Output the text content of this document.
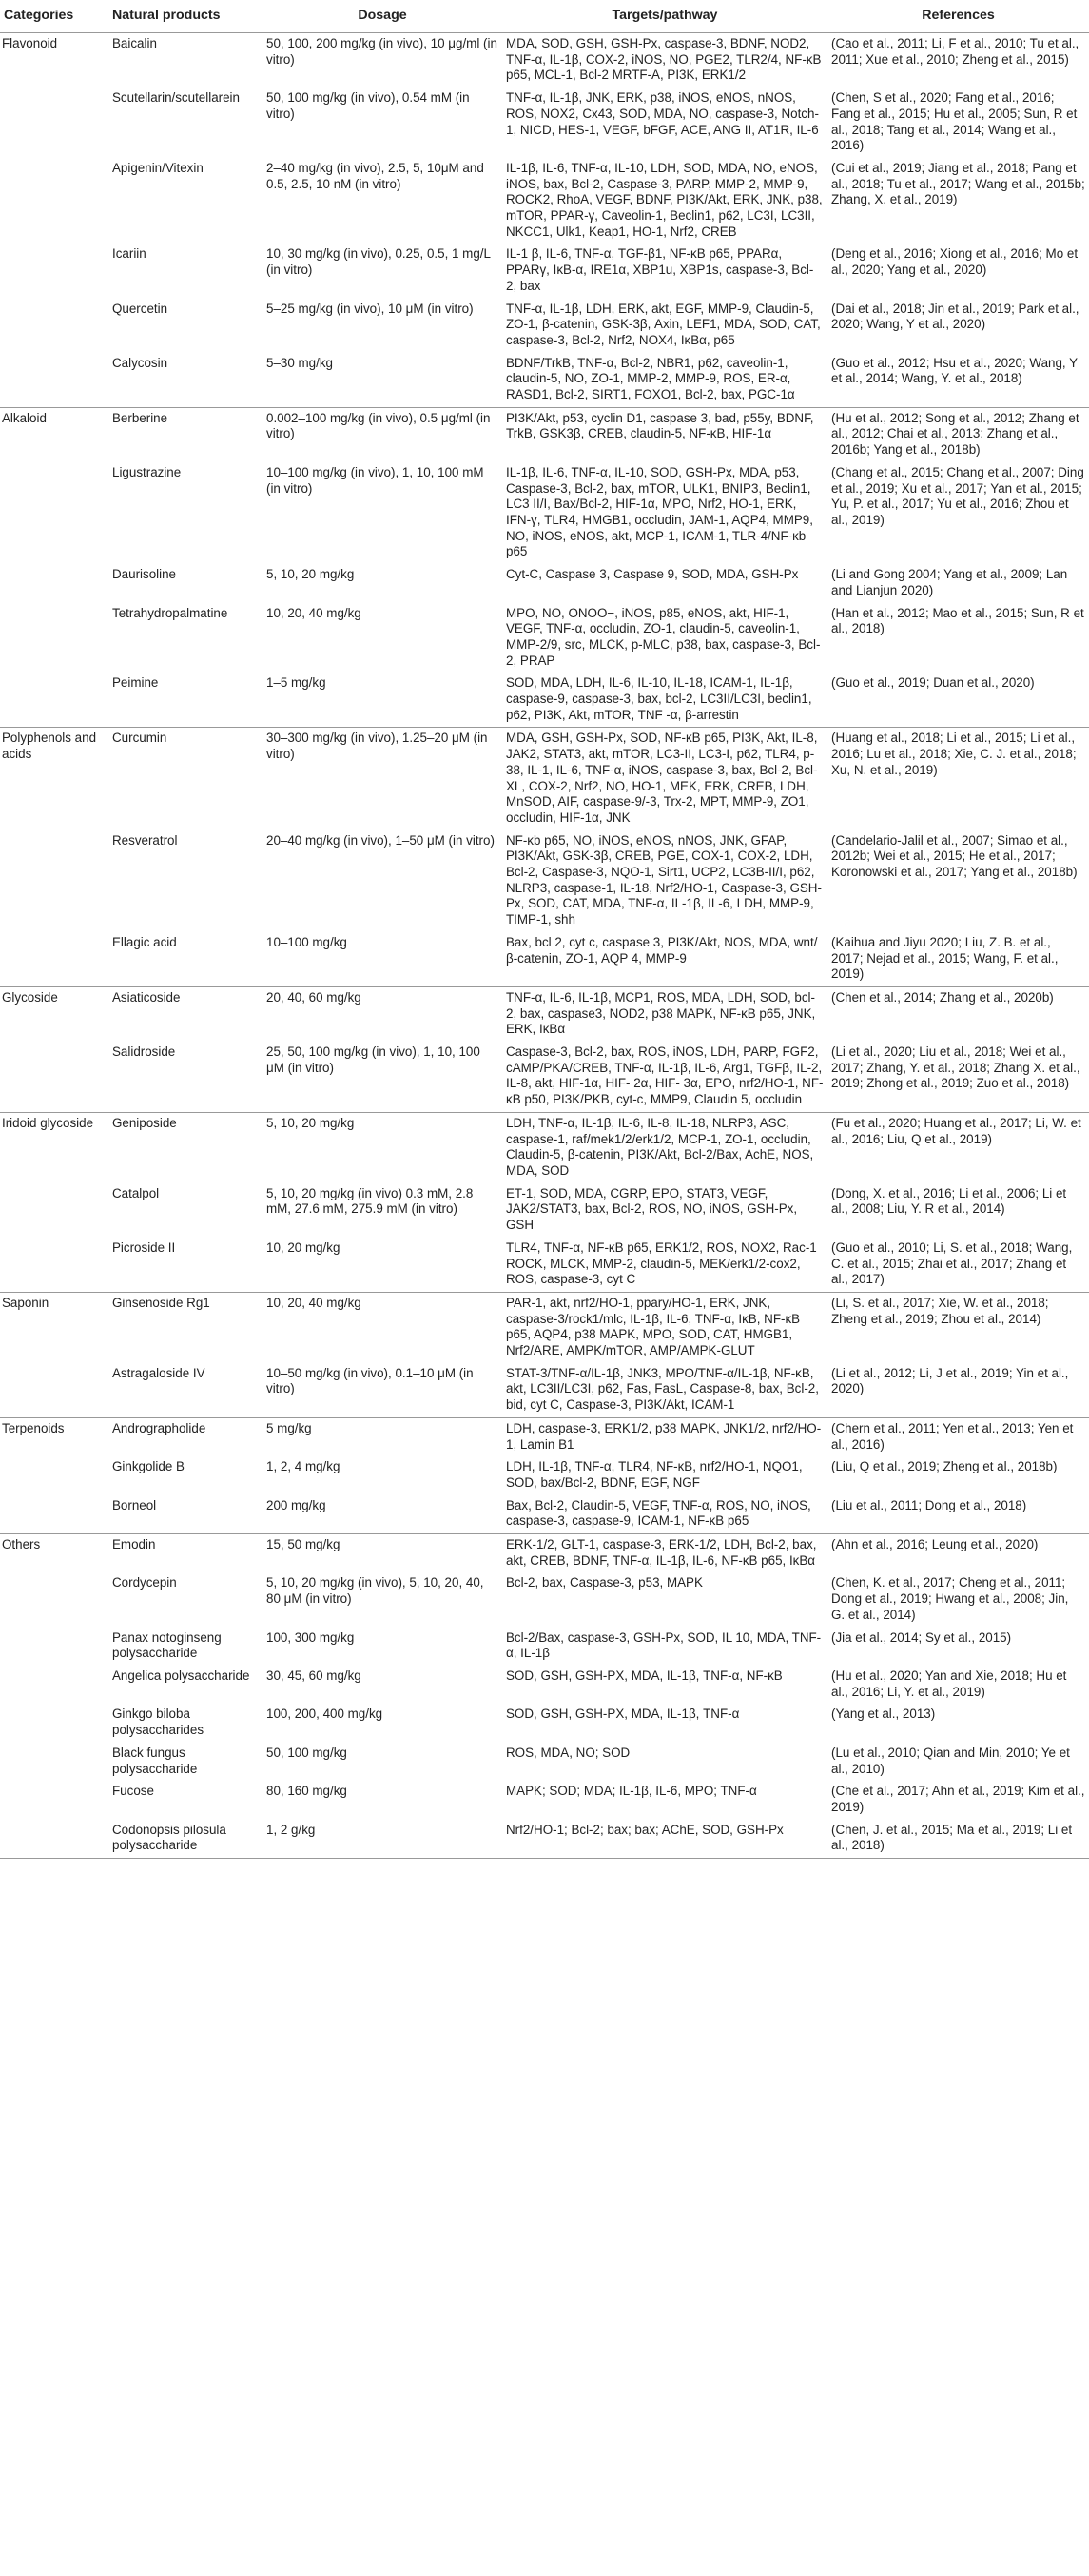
Categories	Natural products	Dosage	Targets/pathway	References
Flavonoid	Baicalin	50, 100, 200 mg/kg (in vivo), 10 μg/ml (in vitro)	MDA, SOD, GSH, GSH-Px, caspase-3, BDNF, NOD2, TNF-α, IL-1β, COX-2, iNOS, NO, PGE2, TLR2/4, NF-κB p65, MCL-1, Bcl-2 MRTF-A, PI3K, ERK1/2	(Cao et al., 2011; Li, F et al., 2010; Tu et al., 2011; Xue et al., 2010; Zheng et al., 2015)
	Scutellarin/scutellarein	50, 100 mg/kg (in vivo), 0.54 mM (in vitro)	TNF-α, IL-1β, JNK, ERK, p38, iNOS, eNOS, nNOS, ROS, NOX2, Cx43, SOD, MDA, NO, caspase-3, Notch-1, NICD, HES-1, VEGF, bFGF, ACE, ANG II, AT1R, IL-6	(Chen, S et al., 2020; Fang et al., 2016; Fang et al., 2015; Hu et al., 2005; Sun, R et al., 2018; Tang et al., 2014; Wang et al., 2016)
	Apigenin/Vitexin	2–40 mg/kg (in vivo), 2.5, 5, 10μM and 0.5, 2.5, 10 nM (in vitro)	IL-1β, IL-6, TNF-α, IL-10, LDH, SOD, MDA, NO, eNOS, iNOS, bax, Bcl-2, Caspase-3, PARP, MMP-2, MMP-9, ROCK2, RhoA, VEGF, BDNF, PI3K/Akt, ERK, JNK, p38, mTOR, PPAR-γ, Caveolin-1, Beclin1, p62, LC3I, LC3II, NKCC1, Ulk1, Keap1, HO-1, Nrf2, CREB	(Cui et al., 2019; Jiang et al., 2018; Pang et al., 2018; Tu et al., 2017; Wang et al., 2015b; Zhang, X. et al., 2019)
	Icariin	10, 30 mg/kg (in vivo), 0.25, 0.5, 1 mg/L (in vitro)	IL-1 β, IL-6, TNF-α, TGF-β1, NF-κB p65, PPARα, PPARγ, IκB-α, IRE1α, XBP1u, XBP1s, caspase-3, Bcl-2, bax	(Deng et al., 2016; Xiong et al., 2016; Mo et al., 2020; Yang et al., 2020)
	Quercetin	5–25 mg/kg (in vivo), 10 μM (in vitro)	TNF-α, IL-1β, LDH, ERK, akt, EGF, MMP-9, Claudin-5, ZO-1, β-catenin, GSK-3β, Axin, LEF1, MDA, SOD, CAT, caspase-3, Bcl-2, Nrf2, NOX4, IκBα, p65	(Dai et al., 2018; Jin et al., 2019; Park et al., 2020; Wang, Y et al., 2020)
	Calycosin	5–30 mg/kg	BDNF/TrkB, TNF-α, Bcl-2, NBR1, p62, caveolin-1, claudin-5, NO, ZO-1, MMP-2, MMP-9, ROS, ER-α, RASD1, Bcl-2, SIRT1, FOXO1, Bcl-2, bax, PGC-1α	(Guo et al., 2012; Hsu et al., 2020; Wang, Y et al., 2014; Wang, Y. et al., 2018)
Alkaloid	Berberine	0.002–100 mg/kg (in vivo), 0.5 μg/ml (in vitro)	PI3K/Akt, p53, cyclin D1, caspase 3, bad, p55y, BDNF, TrkB, GSK3β, CREB, claudin-5, NF-κB, HIF-1α	(Hu et al., 2012; Song et al., 2012; Zhang et al., 2012; Chai et al., 2013; Zhang et al., 2016b; Yang et al., 2018b)
	Ligustrazine	10–100 mg/kg (in vivo), 1, 10, 100 mM (in vitro)	IL-1β, IL-6, TNF-α, IL-10, SOD, GSH-Px, MDA, p53, Caspase-3, Bcl-2, bax, mTOR, ULK1, BNIP3, Beclin1, LC3 II/I, Bax/Bcl-2, HIF-1α, MPO, Nrf2, HO-1, ERK, IFN-γ, TLR4, HMGB1, occludin, JAM-1, AQP4, MMP9, NO, iNOS, eNOS, akt, MCP-1, ICAM-1, TLR-4/NF-κb p65	(Chang et al., 2015; Chang et al., 2007; Ding et al., 2019; Xu et al., 2017; Yan et al., 2015; Yu, P. et al., 2017; Yu et al., 2016; Zhou et al., 2019)
	Daurisoline	5, 10, 20 mg/kg	Cyt-C, Caspase 3, Caspase 9, SOD, MDA, GSH-Px	(Li and Gong 2004; Yang et al., 2009; Lan and Lianjun 2020)
	Tetrahydropalmatine	10, 20, 40 mg/kg	MPO, NO, ONOO−, iNOS, p85, eNOS, akt, HIF-1, VEGF, TNF-α, occludin, ZO-1, claudin-5, caveolin-1, MMP-2/9, src, MLCK, p-MLC, p38, bax, caspase-3, Bcl-2, PRAP	(Han et al., 2012; Mao et al., 2015; Sun, R et al., 2018)
	Peimine	1–5 mg/kg	SOD, MDA, LDH, IL-6, IL-10, IL-18, ICAM-1, IL-1β, caspase-9, caspase-3, bax, bcl-2, LC3II/LC3I, beclin1, p62, PI3K, Akt, mTOR, TNF -α, β-arrestin	(Guo et al., 2019; Duan et al., 2020)
Polyphenols and acids	Curcumin	30–300 mg/kg (in vivo), 1.25–20 μM (in vitro)	MDA, GSH, GSH-Px, SOD, NF-κB p65, PI3K, Akt, IL-8, JAK2, STAT3, akt, mTOR, LC3-II, LC3-I, p62, TLR4, p-38, IL-1, IL-6, TNF-α, iNOS, caspase-3, bax, Bcl-2, Bcl-XL, COX-2, Nrf2, NO, HO-1, MEK, ERK, CREB, LDH, MnSOD, AIF, caspase-9/-3, Trx-2, MPT, MMP-9, ZO1, occludin, HIF-1α, JNK	(Huang et al., 2018; Li et al., 2015; Li et al., 2016; Lu et al., 2018; Xie, C. J. et al., 2018; Xu, N. et al., 2019)
	Resveratrol	20–40 mg/kg (in vivo), 1–50 μM (in vitro)	NF-κb p65, NO, iNOS, eNOS, nNOS, JNK, GFAP, PI3K/Akt, GSK-3β, CREB, PGE, COX-1, COX-2, LDH, Bcl-2, Caspase-3, NQO-1, Sirt1, UCP2, LC3B-II/I, p62, NLRP3, caspase-1, IL-18, Nrf2/HO-1, Caspase-3, GSH-Px, SOD, CAT, MDA, TNF-α, IL-1β, IL-6, LDH, MMP-9, TIMP-1, shh	(Candelario-Jalil et al., 2007; Simao et al., 2012b; Wei et al., 2015; He et al., 2017; Koronowski et al., 2017; Yang et al., 2018b)
	Ellagic acid	10–100 mg/kg	Bax, bcl 2, cyt c, caspase 3, PI3K/Akt, NOS, MDA, wnt/β-catenin, ZO-1, AQP 4, MMP-9	(Kaihua and Jiyu 2020; Liu, Z. B. et al., 2017; Nejad et al., 2015; Wang, F. et al., 2019)
Glycoside	Asiaticoside	20, 40, 60 mg/kg	TNF-α, IL-6, IL-1β, MCP1, ROS, MDA, LDH, SOD, bcl-2, bax, caspase3, NOD2, p38 MAPK, NF-κB p65, JNK, ERK, IκBα	(Chen et al., 2014; Zhang et al., 2020b)
	Salidroside	25, 50, 100 mg/kg (in vivo), 1, 10, 100 μM (in vitro)	Caspase-3, Bcl-2, bax, ROS, iNOS, LDH, PARP, FGF2, cAMP/PKA/CREB, TNF-α, IL-1β, IL-6, Arg1, TGFβ, IL-2, IL-8, akt, HIF-1α, HIF- 2α, HIF- 3α, EPO, nrf2/HO-1, NF-κB p50, PI3K/PKB, cyt-c, MMP9, Claudin 5, occludin	(Li et al., 2020; Liu et al., 2018; Wei et al., 2017; Zhang, Y. et al., 2018; Zhang X. et al., 2019; Zhong et al., 2019; Zuo et al., 2018)
Iridoid glycoside	Geniposide	5, 10, 20 mg/kg	LDH, TNF-α, IL-1β, IL-6, IL-8, IL-18, NLRP3, ASC, caspase-1, raf/mek1/2/erk1/2, MCP-1, ZO-1, occludin, Claudin-5, β-catenin, PI3K/Akt, Bcl-2/Bax, AchE, NOS, MDA, SOD	(Fu et al., 2020; Huang et al., 2017; Li, W. et al., 2016; Liu, Q et al., 2019)
	Catalpol	5, 10, 20 mg/kg (in vivo) 0.3 mM, 2.8 mM, 27.6 mM, 275.9 mM (in vitro)	ET-1, SOD, MDA, CGRP, EPO, STAT3, VEGF, JAK2/STAT3, bax, Bcl-2, ROS, NO, iNOS, GSH-Px, GSH	(Dong, X. et al., 2016; Li et al., 2006; Li et al., 2008; Liu, Y. R et al., 2014)
	Picroside II	10, 20 mg/kg	TLR4, TNF-α, NF-κB p65, ERK1/2, ROS, NOX2, Rac-1 ROCK, MLCK, MMP-2, claudin-5, MEK/erk1/2-cox2, ROS, caspase-3, cyt C	(Guo et al., 2010; Li, S. et al., 2018; Wang, C. et al., 2015; Zhai et al., 2017; Zhang et al., 2017)
Saponin	Ginsenoside Rg1	10, 20, 40 mg/kg	PAR-1, akt, nrf2/HO-1, ppary/HO-1, ERK, JNK, caspase-3/rock1/mlc, IL-1β, IL-6, TNF-α, IκB, NF-κB p65, AQP4, p38 MAPK, MPO, SOD, CAT, HMGB1, Nrf2/ARE, AMPK/mTOR, AMP/AMPK-GLUT	(Li, S. et al., 2017; Xie, W. et al., 2018; Zheng et al., 2019; Zhou et al., 2014)
	Astragaloside IV	10–50 mg/kg (in vivo), 0.1–10 μM (in vitro)	STAT-3/TNF-α/IL-1β, JNK3, MPO/TNF-α/IL-1β, NF-κB, akt, LC3II/LC3I, p62, Fas, FasL, Caspase-8, bax, Bcl-2, bid, cyt C, Caspase-3, PI3K/Akt, ICAM-1	(Li et al., 2012; Li, J et al., 2019; Yin et al., 2020)
Terpenoids	Andrographolide	5 mg/kg	LDH, caspase-3, ERK1/2, p38 MAPK, JNK1/2, nrf2/HO-1, Lamin B1	(Chern et al., 2011; Yen et al., 2013; Yen et al., 2016)
	Ginkgolide B	1, 2, 4 mg/kg	LDH, IL-1β, TNF-α, TLR4, NF-κB, nrf2/HO-1, NQO1, SOD, bax/Bcl-2, BDNF, EGF, NGF	(Liu, Q et al., 2019; Zheng et al., 2018b)
	Borneol	200 mg/kg	Bax, Bcl-2, Claudin-5, VEGF, TNF-α, ROS, NO, iNOS, caspase-3, caspase-9, ICAM-1, NF-κB p65	(Liu et al., 2011; Dong et al., 2018)
Others	Emodin	15, 50 mg/kg	ERK-1/2, GLT-1, caspase-3, ERK-1/2, LDH, Bcl-2, bax, akt, CREB, BDNF, TNF-α, IL-1β, IL-6, NF-κB p65, IκBα	(Ahn et al., 2016; Leung et al., 2020)
	Cordycepin	5, 10, 20 mg/kg (in vivo), 5, 10, 20, 40, 80 μM (in vitro)	Bcl-2, bax, Caspase-3, p53, MAPK	(Chen, K. et al., 2017; Cheng et al., 2011; Dong et al., 2019; Hwang et al., 2008; Jin, G. et al., 2014)
	Panax notoginseng polysaccharide	100, 300 mg/kg	Bcl-2/Bax, caspase-3, GSH-Px, SOD, IL 10, MDA, TNF-α, IL-1β	(Jia et al., 2014; Sy et al., 2015)
	Angelica polysaccharide	30, 45, 60 mg/kg	SOD, GSH, GSH-PX, MDA, IL-1β, TNF-α, NF-κB	(Hu et al., 2020; Yan and Xie, 2018; Hu et al., 2016; Li, Y. et al., 2019)
	Ginkgo biloba polysaccharides	100, 200, 400 mg/kg	SOD, GSH, GSH-PX, MDA, IL-1β, TNF-α	(Yang et al., 2013)
	Black fungus polysaccharide	50, 100 mg/kg	ROS, MDA, NO; SOD	(Lu et al., 2010; Qian and Min, 2010; Ye et al., 2010)
	Fucose	80, 160 mg/kg	MAPK; SOD; MDA; IL-1β, IL-6, MPO; TNF-α	(Che et al., 2017; Ahn et al., 2019; Kim et al., 2019)
	Codonopsis pilosula polysaccharide	1, 2 g/kg	Nrf2/HO-1; Bcl-2; bax; bax; AChE, SOD, GSH-Px	(Chen, J. et al., 2015; Ma et al., 2019; Li et al., 2018)
